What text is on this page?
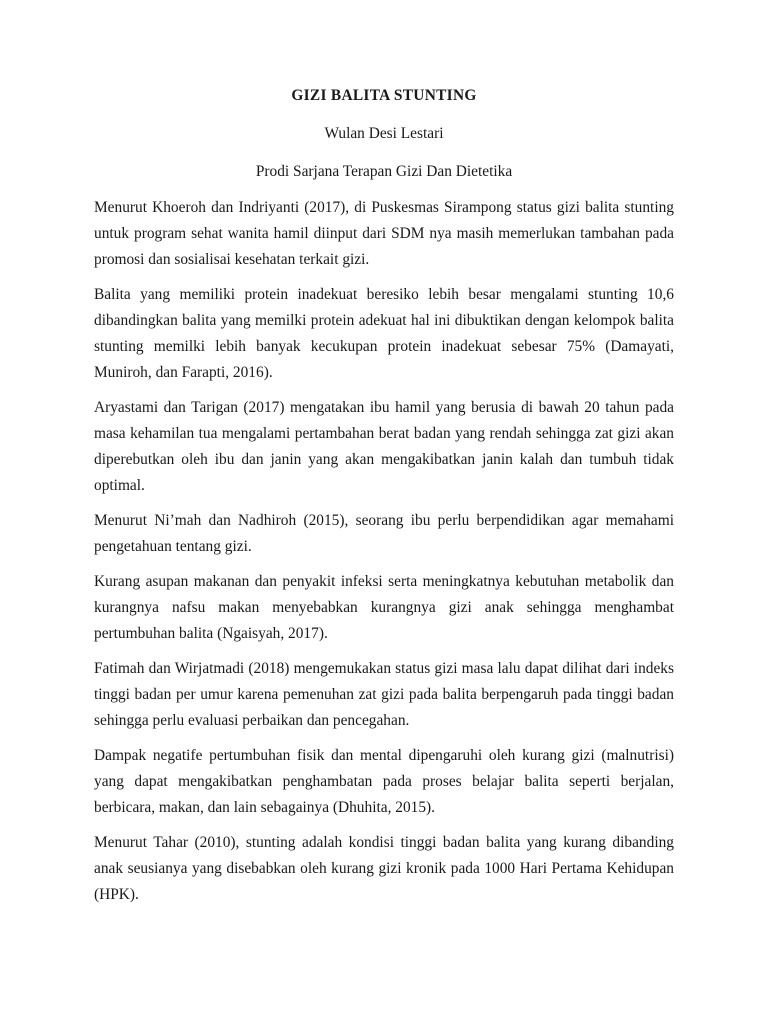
GIZI BALITA STUNTING

Wulan Desi Lestari

Prodi Sarjana Terapan Gizi Dan Dietetika

Menurut Khoeroh dan Indriyanti (2017), di Puskesmas Sirampong status gizi balita stunting untuk program sehat wanita hamil diinput dari SDM nya masih memerlukan tambahan pada promosi dan sosialisai kesehatan terkait gizi.

Balita yang memiliki protein inadekuat beresiko lebih besar mengalami stunting 10,6 dibandingkan balita yang memilki protein adekuat hal ini dibuktikan dengan kelompok balita stunting memilki lebih banyak kecukupan protein inadekuat sebesar 75% (Damayati, Muniroh, dan Farapti, 2016).

Aryastami dan Tarigan (2017) mengatakan ibu hamil yang berusia di bawah 20 tahun pada masa kehamilan tua mengalami pertambahan berat badan yang rendah sehingga zat gizi akan diperebutkan oleh ibu dan janin yang akan mengakibatkan janin kalah dan tumbuh tidak optimal.

Menurut Ni’mah dan Nadhiroh (2015), seorang ibu perlu berpendidikan agar memahami pengetahuan tentang gizi.

Kurang asupan makanan dan penyakit infeksi serta meningkatnya kebutuhan metabolik dan kurangnya nafsu makan menyebabkan kurangnya gizi anak sehingga menghambat pertumbuhan balita (Ngaisyah, 2017).

Fatimah dan Wirjatmadi (2018) mengemukakan status gizi masa lalu dapat dilihat dari indeks tinggi badan per umur karena pemenuhan zat gizi pada balita berpengaruh pada tinggi badan sehingga perlu evaluasi perbaikan dan pencegahan.

Dampak negatife pertumbuhan fisik dan mental dipengaruhi oleh kurang gizi (malnutrisi) yang dapat mengakibatkan penghambatan pada proses belajar balita seperti berjalan, berbicara, makan, dan lain sebagainya (Dhuhita, 2015).

Menurut Tahar (2010), stunting adalah kondisi tinggi badan balita yang kurang dibanding anak seusianya yang disebabkan oleh kurang gizi kronik pada 1000 Hari Pertama Kehidupan (HPK).
